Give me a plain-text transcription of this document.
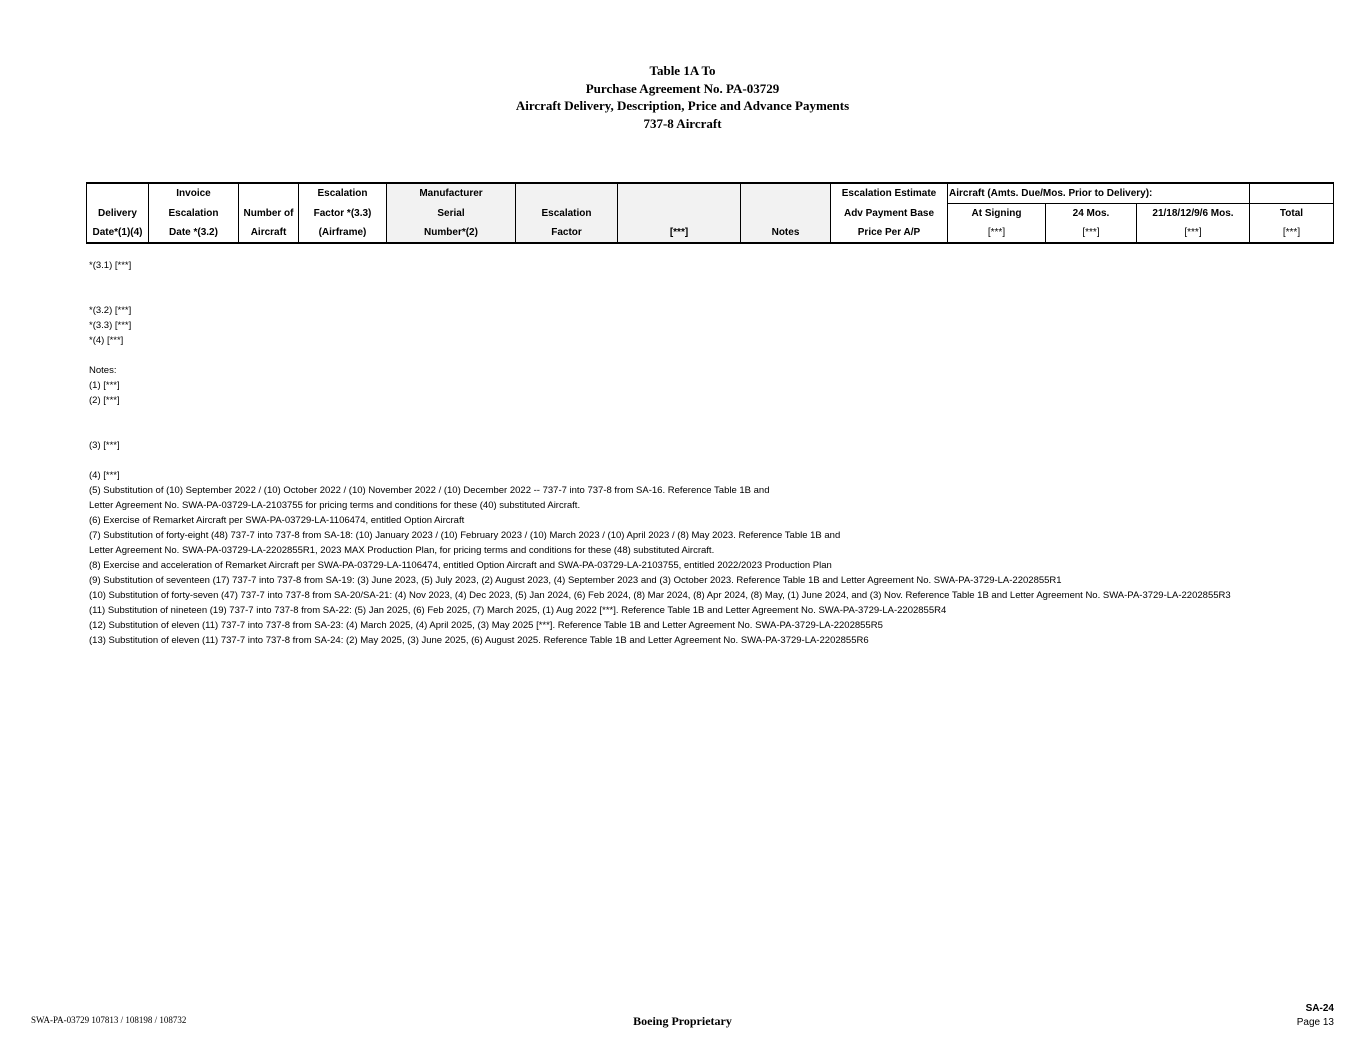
Table 1A To
Purchase Agreement No. PA-03729
Aircraft Delivery, Description, Price and Advance Payments
737-8 Aircraft
	Invoice		Escalation	Manufacturer				Escalation Estimate	Aircraft (Amts. Due/Mos. Prior to Delivery):			
Delivery	Escalation	Number of	Factor *(3.3)	Serial	Escalation			Adv Payment Base	At Signing	24 Mos.	21/18/12/9/6 Mos.	Total
Date*(1)(4)	Date *(3.2)	Aircraft	(Airframe)	Number*(2)	Factor	[***]	Notes	Price Per A/P	[***]	[***]	[***]	[***]
*(3.1) [***]
*(3.2) [***]
*(3.3) [***]
*(4) [***]
Notes:
(1) [***]
(2) [***]
(3) [***]
(4) [***]
(5) Substitution of (10) September 2022 / (10) October 2022 / (10) November 2022 / (10) December 2022 -- 737-7 into 737-8 from SA-16. Reference Table 1B and
Letter Agreement No. SWA-PA-03729-LA-2103755 for pricing terms and conditions for these (40) substituted Aircraft.
(6) Exercise of Remarket Aircraft per SWA-PA-03729-LA-1106474, entitled Option Aircraft
(7) Substitution of forty-eight (48) 737-7 into 737-8 from SA-18: (10) January 2023 / (10) February 2023 / (10) March 2023 / (10) April 2023 / (8) May 2023. Reference Table 1B and
Letter Agreement No. SWA-PA-03729-LA-2202855R1, 2023 MAX Production Plan, for pricing terms and conditions for these (48) substituted Aircraft.
(8) Exercise and acceleration of Remarket Aircraft per SWA-PA-03729-LA-1106474, entitled Option Aircraft and SWA-PA-03729-LA-2103755, entitled 2022/2023 Production Plan
(9) Substitution of seventeen (17) 737-7 into 737-8 from SA-19: (3) June 2023, (5) July 2023, (2) August 2023, (4) September 2023 and (3) October 2023. Reference Table 1B and Letter Agreement No. SWA-PA-3729-LA-2202855R1
(10) Substitution of forty-seven (47) 737-7 into 737-8 from SA-20/SA-21: (4) Nov 2023, (4) Dec 2023, (5) Jan 2024, (6) Feb 2024, (8) Mar 2024, (8) Apr 2024, (8) May, (1) June 2024, and (3) Nov. Reference Table 1B and Letter Agreement No. SWA-PA-3729-LA-2202855R3
(11) Substitution of nineteen (19) 737-7 into 737-8 from SA-22: (5) Jan 2025, (6) Feb 2025, (7) March 2025, (1) Aug 2022 [***]. Reference Table 1B and Letter Agreement No. SWA-PA-3729-LA-2202855R4
(12) Substitution of eleven (11) 737-7 into 737-8 from SA-23: (4) March 2025, (4) April 2025, (3) May 2025 [***]. Reference Table 1B and Letter Agreement No. SWA-PA-3729-LA-2202855R5
(13) Substitution of eleven (11) 737-7 into 737-8 from SA-24: (2) May 2025, (3) June 2025, (6) August 2025. Reference Table 1B and Letter Agreement No. SWA-PA-3729-LA-2202855R6
SWA-PA-03729 107813 / 108198 / 108732	Boeing Proprietary
SA-24
Page 13
